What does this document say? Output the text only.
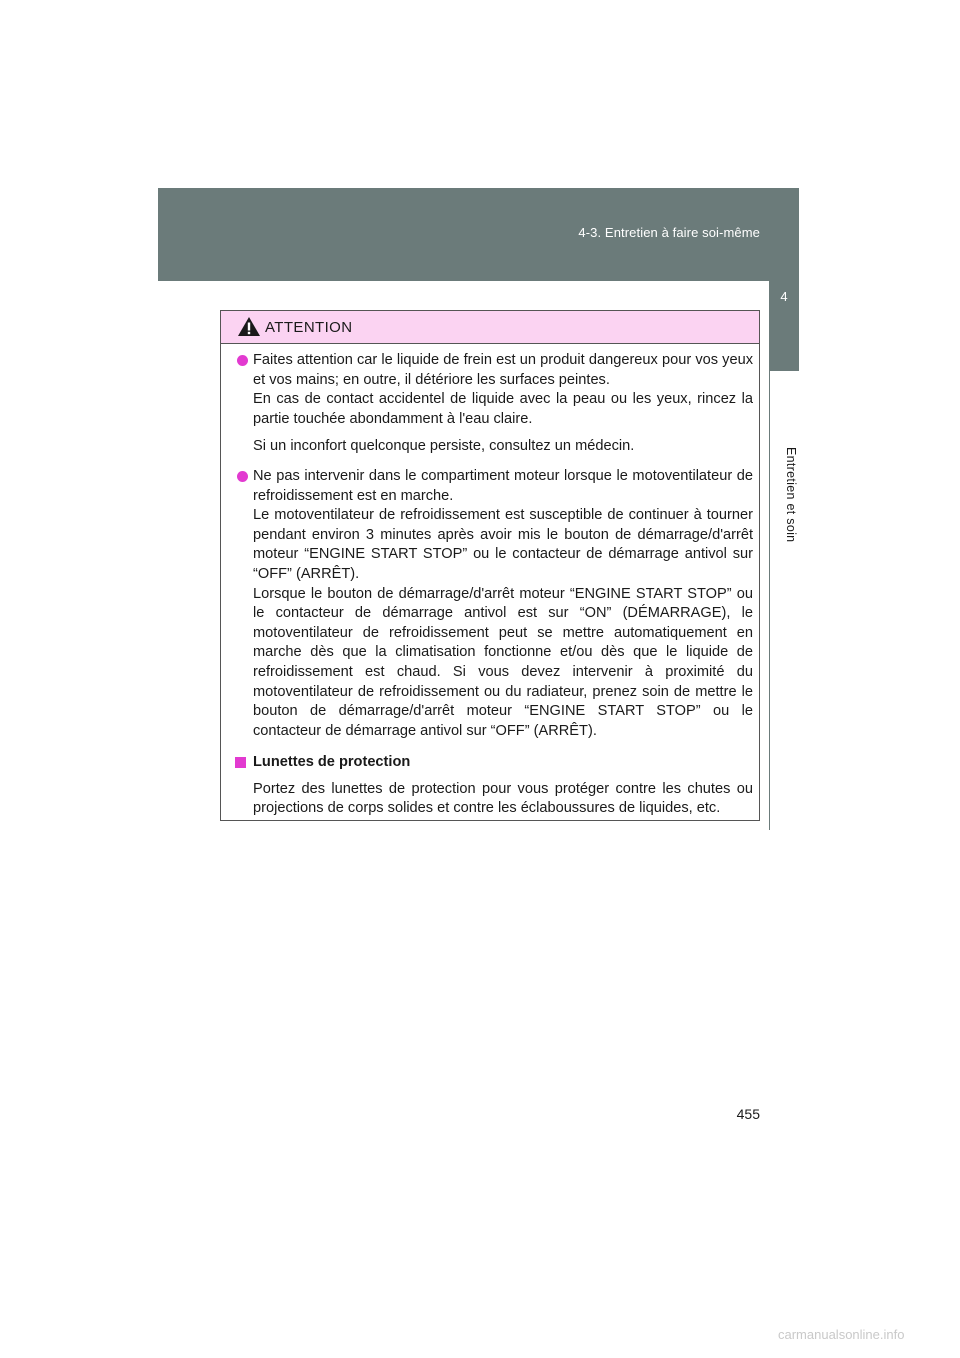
4-3. Entretien à faire soi-même
4
Entretien et soin
ATTENTION

Faites attention car le liquide de frein est un produit dangereux pour vos yeux et vos mains; en outre, il détériore les surfaces peintes.

En cas de contact accidentel de liquide avec la peau ou les yeux, rincez la partie touchée abondamment à l'eau claire.

Si un inconfort quelconque persiste, consultez un médecin.

Ne pas intervenir dans le compartiment moteur lorsque le motoventilateur de refroidissement est en marche.

Le motoventilateur de refroidissement est susceptible de continuer à tourner pendant environ 3 minutes après avoir mis le bouton de démarrage/d'arrêt moteur “ENGINE START STOP” ou le contacteur de démarrage antivol sur “OFF” (ARRÊT).

Lorsque le bouton de démarrage/d'arrêt moteur “ENGINE START STOP” ou le contacteur de démarrage antivol est sur “ON” (DÉMARRAGE), le motoventilateur de refroidissement peut se mettre automatiquement en marche dès que la climatisation fonctionne et/ou dès que le liquide de refroidissement est chaud. Si vous devez intervenir à proximité du motoventilateur de refroidissement ou du radiateur, prenez soin de mettre le bouton de démarrage/d'arrêt moteur “ENGINE START STOP” ou le contacteur de démarrage antivol sur “OFF” (ARRÊT).

Lunettes de protection

Portez des lunettes de protection pour vous protéger contre les chutes ou projections de corps solides et contre les éclaboussures de liquides, etc.

455
carmanualsonline.info
